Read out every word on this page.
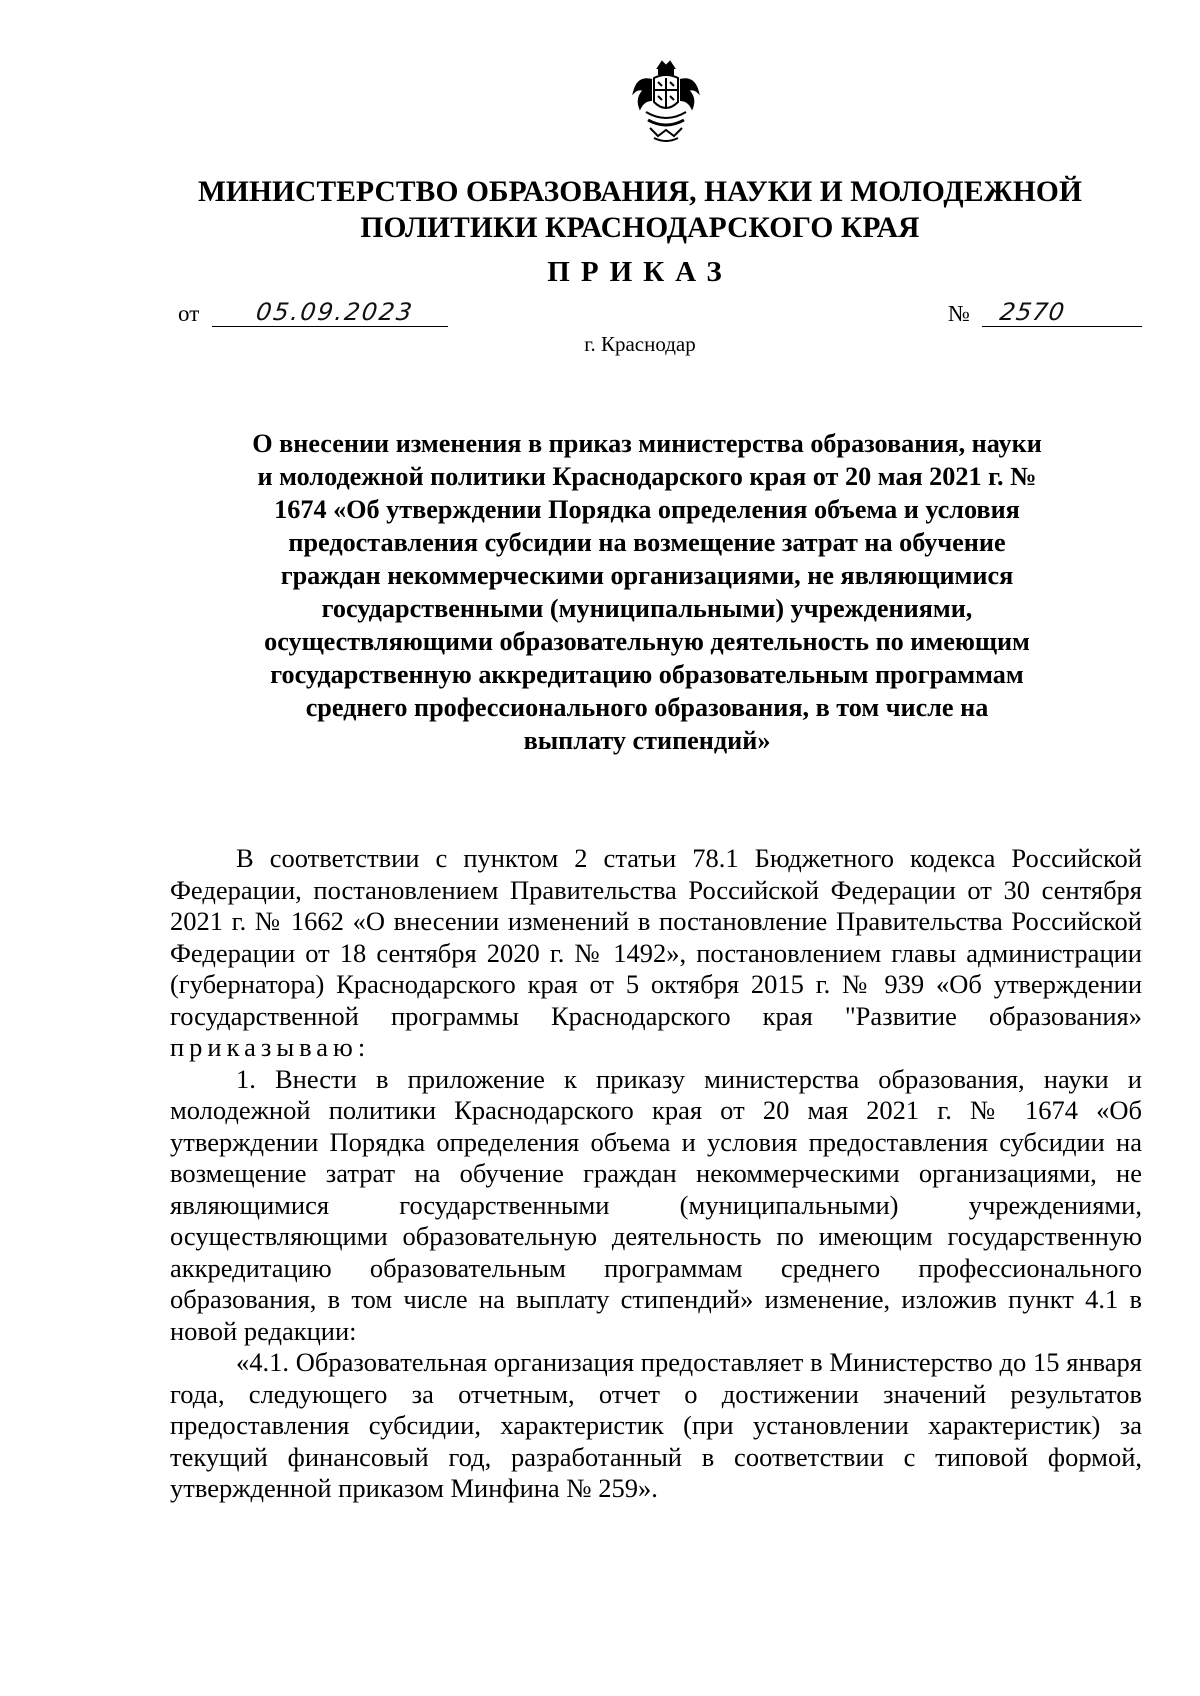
МИНИСТЕРСТВО ОБРАЗОВАНИЯ, НАУКИ И МОЛОДЕЖНОЙ ПОЛИТИКИ КРАСНОДАРСКОГО КРАЯ
ПРИКАЗ
от	05.09.2023	№ 2570
г. Краснодар
О внесении изменения в приказ министерства образования, науки и молодежной политики Краснодарского края от 20 мая 2021 г. № 1674 «Об утверждении Порядка определения объема и условия предоставления субсидии на возмещение затрат на обучение граждан некоммерческими организациями, не являющимися государственными (муниципальными) учреждениями, осуществляющими образовательную деятельность по имеющим государственную аккредитацию образовательным программам среднего профессионального образования, в том числе на выплату стипендий»

В соответствии с пунктом 2 статьи 78.1 Бюджетного кодекса Российской Федерации, постановлением Правительства Российской Федерации от 30 сентября 2021 г. № 1662 «О внесении изменений в постановление Правительства Российской Федерации от 18 сентября 2020 г. № 1492», постановлением главы администрации (губернатора) Краснодарского края от 5 октября 2015 г. № 939 «Об утверждении государственной программы Краснодарского края "Развитие образования» приказываю:

1. Внести в приложение к приказу министерства образования, науки и молодежной политики Краснодарского края от 20 мая 2021 г. № 1674 «Об утверждении Порядка определения объема и условия предоставления субсидии на возмещение затрат на обучение граждан некоммерческими организациями, не являющимися государственными (муниципальными) учреждениями, осуществляющими образовательную деятельность по имеющим государственную аккредитацию образовательным программам среднего профессионального образования, в том числе на выплату стипендий» изменение, изложив пункт 4.1 в новой редакции:

«4.1. Образовательная организация предоставляет в Министерство до 15 января года, следующего за отчетным, отчет о достижении значений результатов предоставления субсидии, характеристик (при установлении характеристик) за текущий финансовый год, разработанный в соответствии с типовой формой, утвержденной приказом Минфина № 259».
